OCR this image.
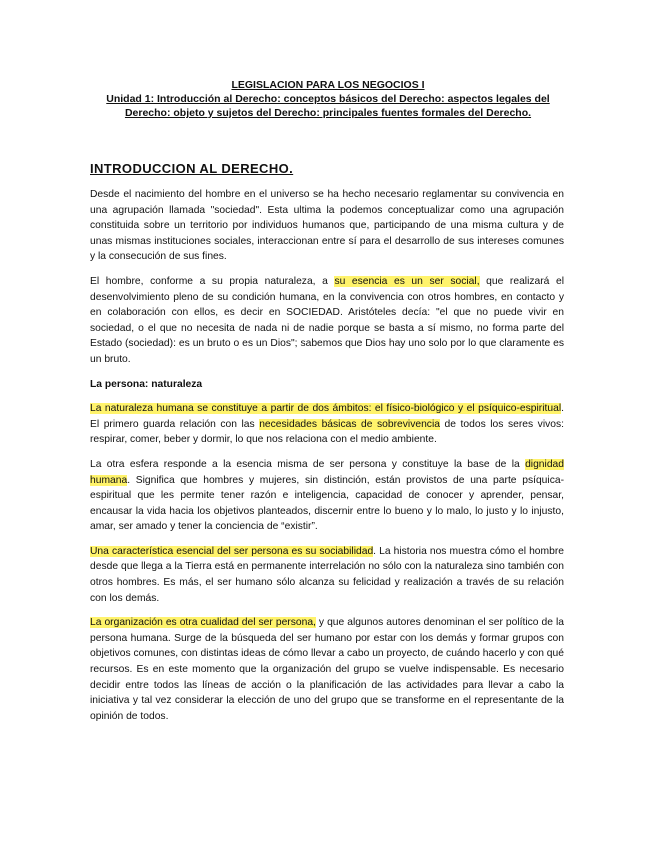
LEGISLACION PARA LOS NEGOCIOS I
Unidad 1: Introducción al Derecho: conceptos básicos del Derecho: aspectos legales del Derecho: objeto y sujetos del Derecho: principales fuentes formales del Derecho.
INTRODUCCION AL DERECHO.

Desde el nacimiento del hombre en el universo se ha hecho necesario reglamentar su convivencia en una agrupación llamada "sociedad". Esta ultima la podemos conceptualizar como una agrupación constituida sobre un territorio por individuos humanos que, participando de una misma cultura y de unas mismas instituciones sociales, interaccionan entre sí para el desarrollo de sus intereses comunes y la consecución de sus fines.

El hombre, conforme a su propia naturaleza, a su esencia es un ser social, que realizará el desenvolvimiento pleno de su condición humana, en la convivencia con otros hombres, en contacto y en colaboración con ellos, es decir en SOCIEDAD. Aristóteles decía: "el que no puede vivir en sociedad, o el que no necesita de nada ni de nadie porque se basta a sí mismo, no forma parte del Estado (sociedad): es un bruto o es un Dios"; sabemos que Dios hay uno solo por lo que claramente es un bruto.

La persona: naturaleza

La naturaleza humana se constituye a partir de dos ámbitos: el físico-biológico y el psíquico-espiritual. El primero guarda relación con las necesidades básicas de sobrevivencia de todos los seres vivos: respirar, comer, beber y dormir, lo que nos relaciona con el medio ambiente.

La otra esfera responde a la esencia misma de ser persona y constituye la base de la dignidad humana. Significa que hombres y mujeres, sin distinción, están provistos de una parte psíquica-espiritual que les permite tener razón e inteligencia, capacidad de conocer y aprender, pensar, encausar la vida hacia los objetivos planteados, discernir entre lo bueno y lo malo, lo justo y lo injusto, amar, ser amado y tener la conciencia de “existir”.

Una característica esencial del ser persona es su sociabilidad. La historia nos muestra cómo el hombre desde que llega a la Tierra está en permanente interrelación no sólo con la naturaleza sino también con otros hombres. Es más, el ser humano sólo alcanza su felicidad y realización a través de su relación con los demás.

La organización es otra cualidad del ser persona, y que algunos autores denominan el ser político de la persona humana. Surge de la búsqueda del ser humano por estar con los demás y formar grupos con objetivos comunes, con distintas ideas de cómo llevar a cabo un proyecto, de cuándo hacerlo y con qué recursos. Es en este momento que la organización del grupo se vuelve indispensable. Es necesario decidir entre todos las líneas de acción o la planificación de las actividades para llevar a cabo la iniciativa y tal vez considerar la elección de uno del grupo que se transforme en el representante de la opinión de todos.
